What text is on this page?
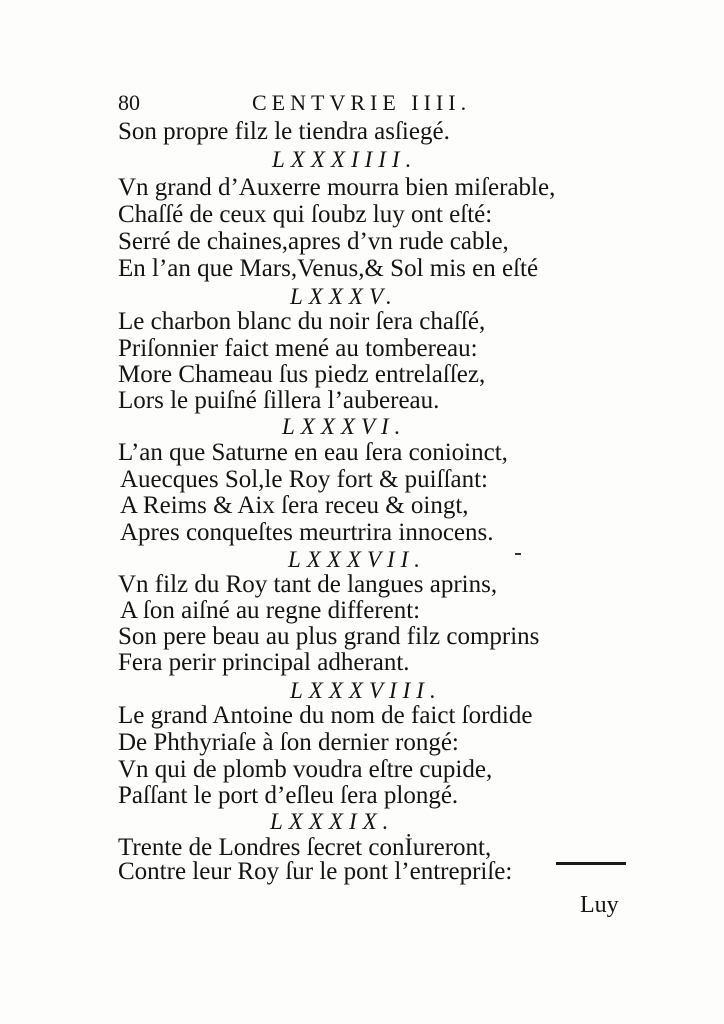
80	CENTVRIE IIII.
Son propre filz le tiendra asſiegé.
LXXXIIII.
Vn grand d’Auxerre mourra bien miſerable,
Chaſſé de ceux qui ſoubz luy ont eſté:
Serré de chaines,apres d’vn rude cable,
En l’an que Mars,Venus,& Sol mis en eſté
LXXXV.
Le charbon blanc du noir ſera chaſſé,
Priſonnier faict mené au tombereau:
More Chameau ſus piedz entrelaſſez,
Lors le puiſné ſillera l’aubereau.
LXXXVI.
L’an que Saturne en eau ſera conioinct,
Auecques Sol,le Roy fort & puiſſant:
A Reims & Aix ſera receu & oingt,
Apres conqueſtes meurtrira innocens.
LXXXVII.
Vn filz du Roy tant de langues aprins,
A ſon aiſné au regne different:
Son pere beau au plus grand filz comprins
Fera perir principal adherant.
LXXXVIII.
Le grand Antoine du nom de faict ſordide
De Phthyriaſe à ſon dernier rongé:
Vn qui de plomb voudra eſtre cupide,
Paſſant le port d’eſleu ſera plongé.
LXXXIX.
Trente de Londres ſecret conİureront,
Contre leur Roy ſur le pont l’entrepriſe:
Luy
